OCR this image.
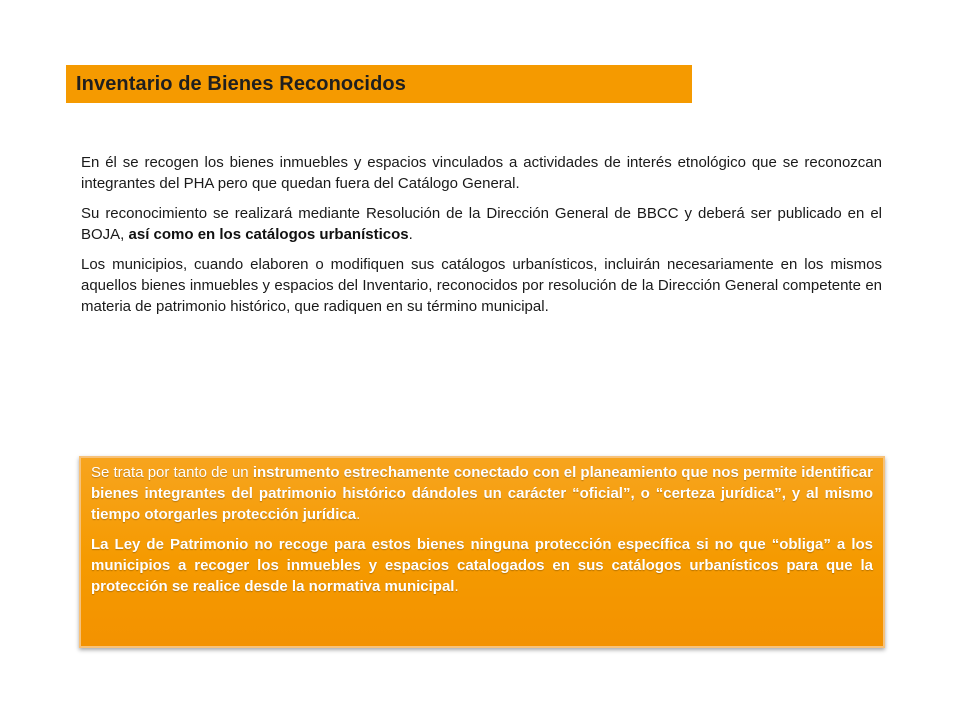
Inventario de Bienes Reconocidos

En él se recogen los bienes inmuebles y espacios vinculados a actividades de interés etnológico que se reconozcan integrantes del PHA pero que quedan fuera del Catálogo General.

Su reconocimiento se realizará mediante Resolución de la Dirección General de BBCC y deberá ser publicado en el BOJA, así como en los catálogos urbanísticos.

Los municipios, cuando elaboren o modifiquen sus catálogos urbanísticos, incluirán necesariamente en los mismos aquellos bienes inmuebles y espacios del Inventario, reconocidos por resolución de la Dirección General competente en materia de patrimonio histórico, que radiquen en su término municipal.

Se trata por tanto de un instrumento estrechamente conectado con el planeamiento que nos permite identificar bienes integrantes del patrimonio histórico dándoles un carácter “oficial”, o “certeza jurídica”, y al mismo tiempo otorgarles protección jurídica.

La Ley de Patrimonio no recoge para estos bienes ninguna protección específica si no que “obliga” a los municipios a recoger los inmuebles y espacios catalogados en sus catálogos urbanísticos para que la protección se realice desde la normativa municipal.
